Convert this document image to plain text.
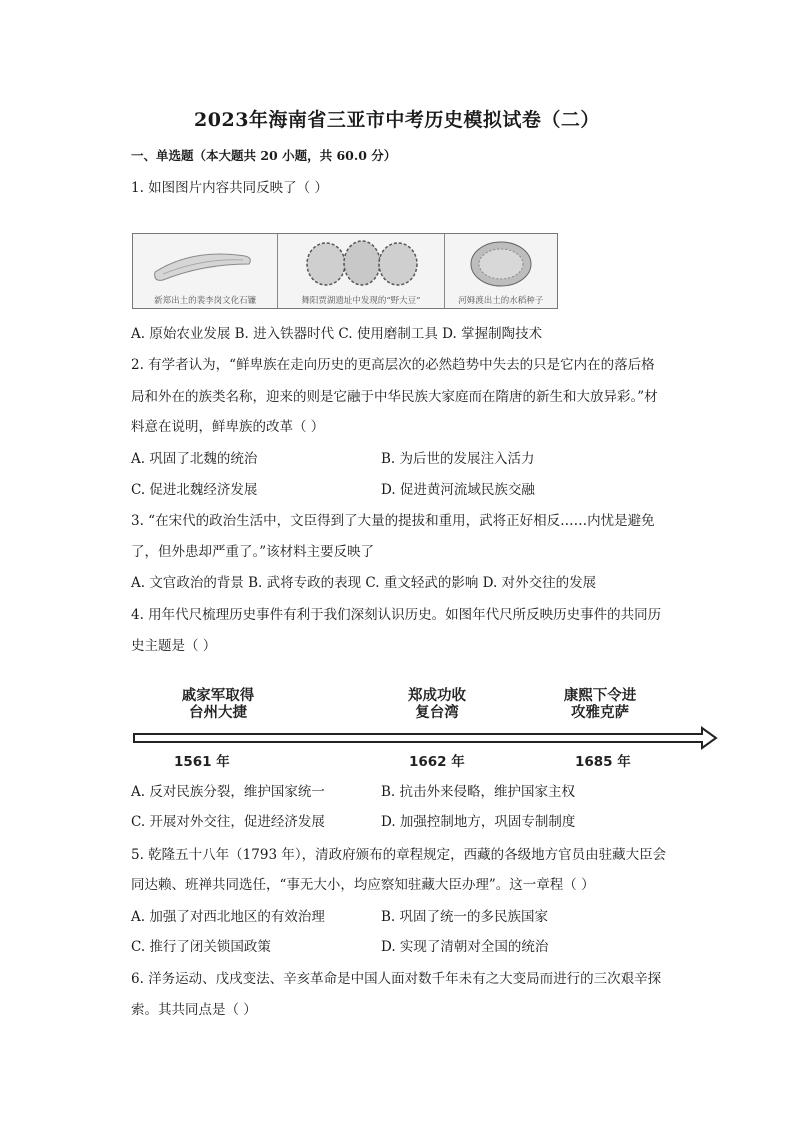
2023年海南省三亚市中考历史模拟试卷（二）
一、单选题（本大题共 20 小题，共 60.0 分）
1. 如图图片内容共同反映了（ ）
新郑出土的裴李岗文化石镰	舞阳贾湖遗址中发现的“野大豆”	河姆渡出土的水稻种子
A. 原始农业发展 B. 进入铁器时代 C. 使用磨制工具 D. 掌握制陶技术
2. 有学者认为，“鲜卑族在走向历史的更高层次的必然趋势中失去的只是它内在的落后格
局和外在的族类名称，迎来的则是它融于中华民族大家庭而在隋唐的新生和大放异彩。”材
料意在说明，鲜卑族的改革（ ）
A. 巩固了北魏的统治	B. 为后世的发展注入活力
C. 促进北魏经济发展	D. 促进黄河流域民族交融
3. “在宋代的政治生活中，文臣得到了大量的提拔和重用，武将正好相反……内忧是避免
了，但外患却严重了。”该材料主要反映了
A. 文官政治的背景 B. 武将专政的表现 C. 重文轻武的影响 D. 对外交往的发展
4. 用年代尺梳理历史事件有利于我们深刻认识历史。如图年代尺所反映历史事件的共同历
史主题是（ ）
戚家军取得
台州大捷
郑成功收
复台湾
康熙下令进
攻雅克萨
1561 年	1662 年	1685 年
A. 反对民族分裂，维护国家统一	B. 抗击外来侵略，维护国家主权
C. 开展对外交往，促进经济发展	D. 加强控制地方，巩固专制制度
5. 乾隆五十八年（1793 年），清政府颁布的章程规定，西藏的各级地方官员由驻藏大臣会
同达赖、班禅共同选任，“事无大小，均应察知驻藏大臣办理”。这一章程（ ）
A. 加强了对西北地区的有效治理	B. 巩固了统一的多民族国家
C. 推行了闭关锁国政策	D. 实现了清朝对全国的统治
6. 洋务运动、戊戌变法、辛亥革命是中国人面对数千年未有之大变局而进行的三次艰辛探
索。其共同点是（ ）
